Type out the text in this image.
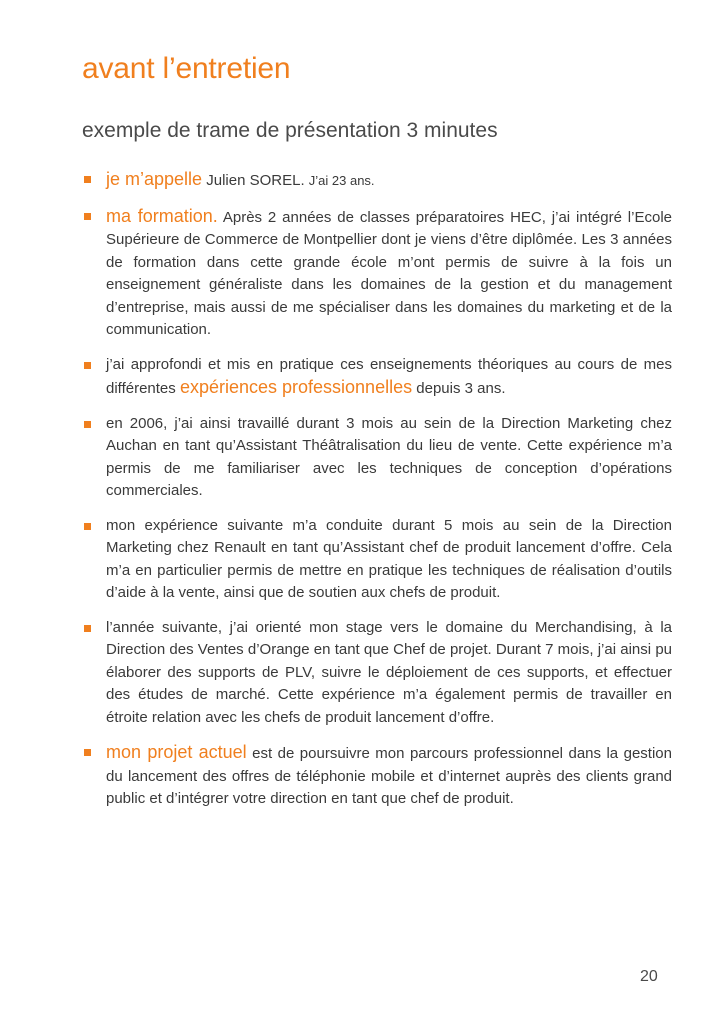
avant l’entretien
exemple de trame de présentation 3 minutes
je m’appelle Julien SOREL. J’ai 23 ans.
ma formation. Après 2 années de classes préparatoires HEC, j’ai intégré l’Ecole Supérieure de Commerce de Montpellier dont je viens d’être diplômée. Les 3 années de formation dans cette grande école m’ont permis de suivre à la fois un enseignement généraliste dans les domaines de la gestion et du management d’entreprise, mais aussi de me spécialiser dans les domaines du marketing et de la communication.
j’ai approfondi et mis en pratique ces enseignements théoriques au cours de mes différentes expériences professionnelles depuis 3 ans.
en 2006, j’ai ainsi travaillé durant 3 mois au sein de la Direction Marketing chez Auchan en tant qu’Assistant Théâtralisation du lieu de vente. Cette expérience m’a permis de me familiariser avec les techniques de conception d’opérations commerciales.
mon expérience suivante m’a conduite durant 5 mois au sein de la Direction Marketing chez Renault en tant qu’Assistant chef de produit lancement d’offre. Cela m’a en particulier permis de mettre en pratique les techniques de réalisation d’outils d’aide à la vente, ainsi que de soutien aux chefs de produit.
l’année suivante, j’ai orienté mon stage vers le domaine du Merchandising, à la Direction des Ventes d’Orange en tant que Chef de projet. Durant 7 mois, j’ai ainsi pu élaborer des supports de PLV, suivre le déploiement de ces supports, et effectuer des études de marché. Cette expérience m’a également permis de travailler en étroite relation avec les chefs de produit lancement d’offre.
mon projet actuel est de poursuivre mon parcours professionnel dans la gestion du lancement des offres de téléphonie mobile et d’internet auprès des clients grand public et d’intégrer votre direction en tant que chef de produit.
20
